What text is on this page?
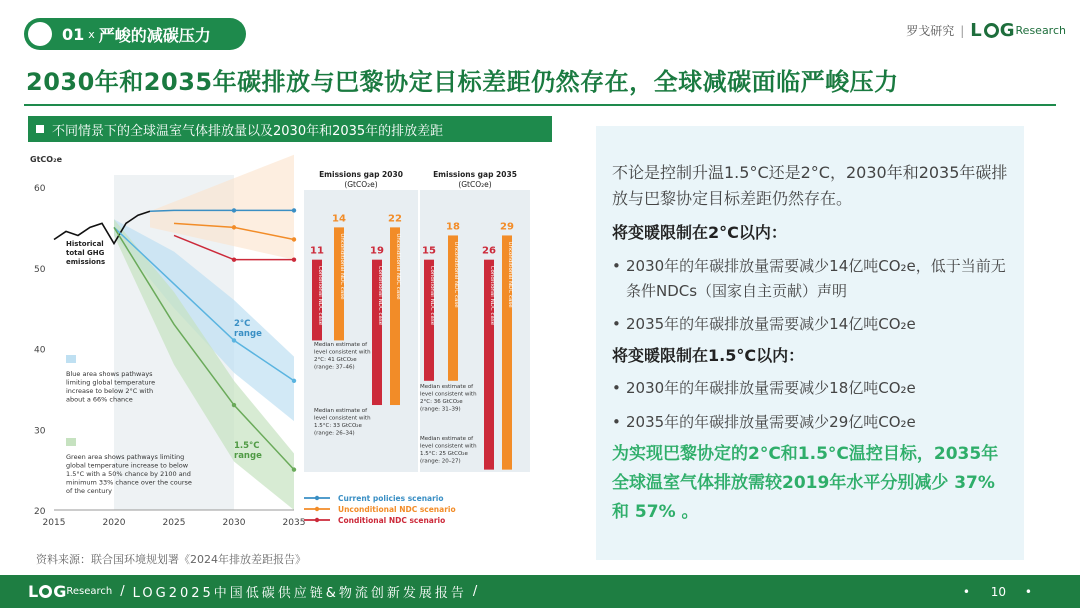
01 x 严峻的减碳压力	罗戈研究 | L G Research
2030年和2035年碳排放与巴黎协定目标差距仍然存在，全球减碳面临严峻压力
不同情景下的全球温室气体排放量以及2030年和2035年的排放差距
20
30
40
50
60
2015	2020	2025	2030	2035
GtCO₂e
Historical
total GHG
emissions
2°C
range
1.5°C
range
Blue area shows pathways
limiting global temperature
increase to below 2°C with
about a 66% chance
Green area shows pathways limiting
global temperature increase to below
1.5°C with a 50% chance by 2100 and
minimum 33% chance over the course
of the century
Emissions gap 2030
(GtCO₂e)
11
Conditional NDC case
14
Unconditional NDC case	19
Conditional NDC case
22
Unconditional NDC case
Median estimate of
level consistent with
2°C: 41 GtCO₂e
(range: 37–46)
Median estimate of
level consistent with
1.5°C: 33 GtCO₂e
(range: 26–34)
Emissions gap 2035
(GtCO₂e)
15
Conditional NDC case
18
Unconditional NDC case 26
Conditional NDC case
29
Unconditional NDC case
Median estimate of
level consistent with
2°C: 36 GtCO₂e
(range: 31–39)
Median estimate of
level consistent with
1.5°C: 25 GtCO₂e
(range: 20–27)
Current policies scenario
Unconditional NDC scenario
Conditional NDC scenario
资料来源：联合国环境规划署《2024年排放差距报告》
不论是控制升温1.5°C还是2°C，2030年和2035年碳排放与巴黎协定目标差距仍然存在。
将变暖限制在2°C以内：
• 2030年的年碳排放量需要减少14亿吨CO₂e，低于当前无条件NDCs（国家自主贡献）声明
• 2035年的年碳排放量需要减少14亿吨CO₂e
将变暖限制在1.5°C以内：
• 2030年的年碳排放量需要减少18亿吨CO₂e
• 2035年的年碳排放量需要减少29亿吨CO₂e
为实现巴黎协定的2°C和1.5°C温控目标，2035年全球温室气体排放需较2019年水平分别减少 37% 和 57% 。
L G Research / LOG2025中国低碳供应链&物流创新发展报告 /	• 10 •
